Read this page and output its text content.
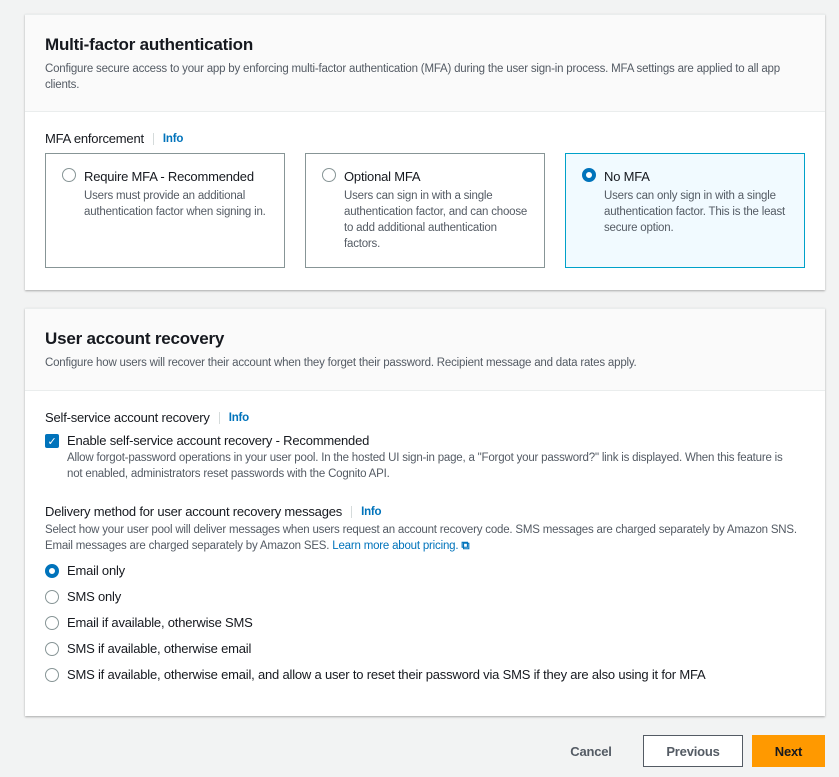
Multi-factor authentication

Configure secure access to your app by enforcing multi-factor authentication (MFA) during the user sign-in process. MFA settings are applied to all app clients.

MFA enforcement	Info
Require MFA - Recommended
Users must provide an additional authentication factor when signing in.
Optional MFA
Users can sign in with a single authentication factor, and can choose to add additional authentication factors.
No MFA
Users can only sign in with a single authentication factor. This is the least secure option.
User account recovery

Configure how users will recover their account when they forget their password. Recipient message and data rates apply.

Self-service account recovery	Info
✓ Enable self-service account recovery - Recommended
Allow forgot-password operations in your user pool. In the hosted UI sign-in page, a "Forgot your password?" link is displayed. When this feature is not enabled, administrators reset passwords with the Cognito API.
Delivery method for user account recovery messages	Info

Select how your user pool will deliver messages when users request an account recovery code. SMS messages are charged separately by Amazon SNS. Email messages are charged separately by Amazon SES. Learn more about pricing. ⧉

Email only
SMS only
Email if available, otherwise SMS
SMS if available, otherwise email
SMS if available, otherwise email, and allow a user to reset their password via SMS if they are also using it for MFA
Cancel	Previous	Next
